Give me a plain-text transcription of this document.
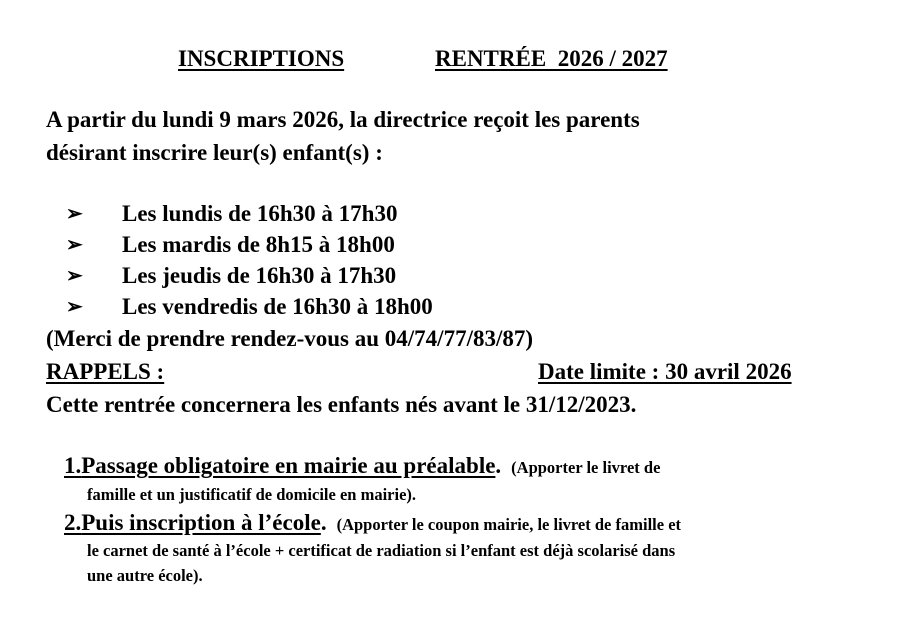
INSCRIPTIONS	RENTRÉE  2026 / 2027
A partir du lundi 9 mars 2026, la directrice reçoit les parents
désirant inscrire leur(s) enfant(s) :
➢ Les lundis de 16h30 à 17h30
➢ Les mardis de 8h15 à 18h00
➢ Les jeudis de 16h30 à 17h30
➢ Les vendredis de 16h30 à 18h00
(Merci de prendre rendez-vous au 04/74/77/83/87)
RAPPELS :	Date limite : 30 avril 2026
Cette rentrée concernera les enfants nés avant le 31/12/2023.
1.Passage obligatoire en mairie au préalable. (Apporter le livret de
famille et un justificatif de domicile en mairie).
2.Puis inscription à l’école. (Apporter le coupon mairie, le livret de famille et
le carnet de santé à l’école + certificat de radiation si l’enfant est déjà scolarisé dans
une autre école).
